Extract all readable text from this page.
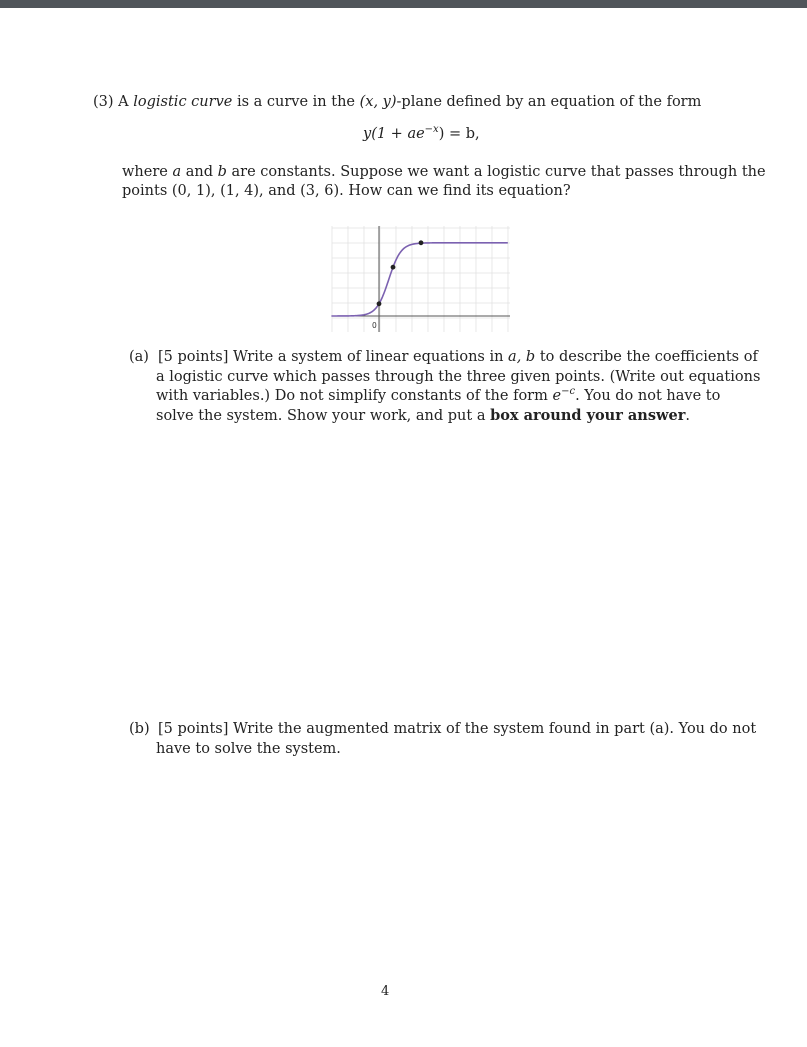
(3) A logistic curve is a curve in the (x, y)-plane defined by an equation of the form
$y(1 + ae^{-x}) = b$,
where a and b are constants. Suppose we want a logistic curve that passes through the
points (0, 1), (1, 4), and (3, 6). How can we find its equation?
0
(a) [5 points] Write a system of linear equations in a, b to describe the coefficients of
a logistic curve which passes through the three given points. (Write out equations
with variables.) Do not simplify constants of the form $e^{-c}$. You do not have to
solve the system. Show your work, and put a box around your answer.
(b) [5 points] Write the augmented matrix of the system found in part (a). You do not
have to solve the system.
4
